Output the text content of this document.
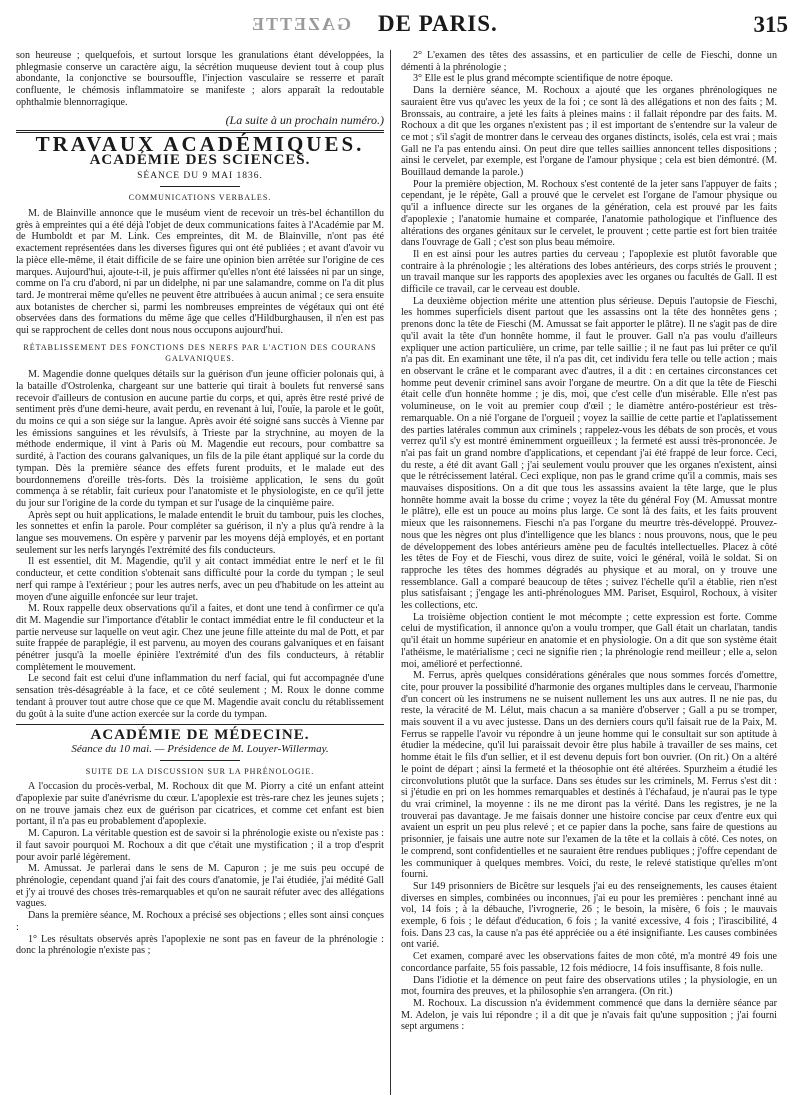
GAZETTE DE PARIS.	315

son heureuse ; quelquefois, et surtout lorsque les granulations étant développées, la phlegmasie conserve un caractère aigu, la sécrétion muqueuse devient tout à coup plus abondante, la conjonctive se boursouffle, l'injection vasculaire se resserre et paraît confluente, le chémosis inflammatoire se manifeste ; alors apparaît la redoutable ophthalmie blennorragique.

(La suite à un prochain numéro.)
TRAVAUX ACADÉMIQUES.
ACADÉMIE DES SCIENCES.
SÉANCE DU 9 MAI 1836.
COMMUNICATIONS VERBALES.

M. de Blainville annonce que le muséum vient de recevoir un très-bel échantillon du grès à empreintes qui a été déjà l'objet de deux communications faites à l'Académie par M. de Humboldt et par M. Link. Ces empreintes, dit M. de Blainville, n'ont pas été exactement représentées dans les diverses figures qui ont été publiées ; et avant d'avoir vu la pièce elle-même, il était difficile de se faire une opinion bien arrêtée sur l'origine de ces marques. Aujourd'hui, ajoute-t-il, je puis affirmer qu'elles n'ont été laissées ni par un singe, comme on l'a cru d'abord, ni par un didelphe, ni par une salamandre, comme on l'a dit plus tard. Je montrerai même qu'elles ne peuvent être attribuées à aucun animal ; ce sera ensuite aux botanistes de chercher si, parmi les nombreuses empreintes de végétaux qui ont été observées dans des formations du même âge que celles d'Hildburghausen, il n'en est pas qui se rapprochent de celles dont nous nous occupons aujourd'hui.

RÉTABLISSEMENT DES FONCTIONS DES NERFS PAR L'ACTION DES COURANS GALVANIQUES.

M. Magendie donne quelques détails sur la guérison d'un jeune officier polonais qui, à la bataille d'Ostrolenka, chargeant sur une batterie qui tirait à boulets fut renversé sans recevoir d'ailleurs de contusion en aucune partie du corps, et qui, après être resté privé de sentiment près d'une demi-heure, avait perdu, en revenant à lui, l'ouïe, la parole et le goût, du moins ce qui a son siége sur la langue. Après avoir été soigné sans succès à Vienne par les émissions sanguines et les révulsifs, à Trieste par la strychnine, au moyen de la méthode endermique, il vint à Paris où M. Magendie eut recours, pour combattre sa surdité, à l'action des courans galvaniques, un fils de la pile étant appliqué sur la corde du tympan. Dès la première séance des effets furent produits, et le malade eut des bourdonnemens d'oreille très-forts. Dès la troisième application, le sens du goût commença à se rétablir, fait curieux pour l'anatomiste et le physiologiste, en ce qu'il jette du jour sur l'origine de la corde du tympan et sur l'usage de la cinquième paire.

Après sept ou huit applications, le malade entendit le bruit du tambour, puis les cloches, les sonnettes et enfin la parole. Pour compléter sa guérison, il n'y a plus qu'à rendre à la langue ses mouvemens. On espère y parvenir par les moyens déjà employés, et en portant seulement sur les nerfs laryngés l'extrémité des fils conducteurs.

Il est essentiel, dit M. Magendie, qu'il y ait contact immédiat entre le nerf et le fil conducteur, et cette condition s'obtenait sans difficulté pour la corde du tympan ; le seul nerf qui rampe à l'extérieur ; pour les autres nerfs, avec un peu d'habitude on les atteint au moyen d'une aiguille enfoncée sur leur trajet.

M. Roux rappelle deux observations qu'il a faites, et dont une tend à confirmer ce qu'a dit M. Magendie sur l'importance d'établir le contact immédiat entre le fil conducteur et la partie nerveuse sur laquelle on veut agir. Chez une jeune fille atteinte du mal de Pott, et par suite frappée de paraplégie, il est parvenu, au moyen des courans galvaniques et en faisant pénétrer jusqu'à la moelle épinière l'extrémité d'un des fils conducteurs, à rétablir complètement le mouvement.

Le second fait est celui d'une inflammation du nerf facial, qui fut accompagnée d'une sensation très-désagréable à la face, et ce côté seulement ; M. Roux le donne comme tendant à prouver tout autre chose que ce que M. Magendie avait conclu du rétablissement du goût à la suite d'une action exercée sur la corde du tympan.

ACADÉMIE DE MÉDECINE.
Séance du 10 mai. — Présidence de M. Louyer-Willermay.
SUITE DE LA DISCUSSION SUR LA PHRÉNOLOGIE.

A l'occasion du procès-verbal, M. Rochoux dit que M. Piorry a cité un enfant atteint d'apoplexie par suite d'anévrisme du cœur. L'apoplexie est très-rare chez les jeunes sujets ; on ne trouve jamais chez eux de guérison par cicatrices, et comme cet enfant est bien portant, il n'a pas eu probablement d'apoplexie.

M. Capuron. La véritable question est de savoir si la phrénologie existe ou n'existe pas : il faut savoir pourquoi M. Rochoux a dit que c'était une mystification ; il a trop d'esprit pour avoir parlé légèrement.

M. Amussat. Je parlerai dans le sens de M. Capuron ; je me suis peu occupé de phrénologie, cependant quand j'ai fait des cours d'anatomie, je l'ai étudiée, j'ai médité Gall et j'y ai trouvé des choses très-remarquables et qu'on ne saurait réfuter avec des allégations vagues.

Dans la première séance, M. Rochoux a précisé ses objections ; elles sont ainsi conçues :

1° Les résultats observés après l'apoplexie ne sont pas en faveur de la phrénologie : donc la phrénologie n'existe pas ;

2° L'examen des têtes des assassins, et en particulier de celle de Fieschi, donne un démenti à la phrénologie ;

3° Elle est le plus grand mécompte scientifique de notre époque.

Dans la dernière séance, M. Rochoux a ajouté que les organes phrénologiques ne sauraient être vus qu'avec les yeux de la foi ; ce sont là des allégations et non des faits ; M. Bronssais, au contraire, a jeté les faits à pleines mains : il fallait répondre par des faits. M. Rochoux a dit que les organes n'existent pas ; il est important de s'entendre sur la valeur de ce mot ; s'il s'agit de montrer dans le cerveau des organes distincts, isolés, cela est vrai ; mais Gall ne l'a pas entendu ainsi. On peut dire que telles saillies annoncent telles dispositions ; ainsi le cervelet, par exemple, est l'organe de l'amour physique ; cela est bien démontré. (M. Bouillaud demande la parole.)

Pour la première objection, M. Rochoux s'est contenté de la jeter sans l'appuyer de faits ; cependant, je le répète, Gall a prouvé que le cervelet est l'organe de l'amour physique ou qu'il a influence directe sur les organes de la génération, cela est prouvé par les faits d'apoplexie ; l'anatomie humaine et comparée, l'anatomie pathologique et l'influence des altérations des organes génitaux sur le cervelet, le prouvent ; cette partie est fort bien traitée dans l'ouvrage de Gall ; c'est son plus beau mémoire.

Il en est ainsi pour les autres parties du cerveau ; l'apoplexie est plutôt favorable que contraire à la phrénologie ; les altérations des lobes antérieurs, des corps striés le prouvent ; un travail manque sur les rapports des apoplexies avec les organes ou facultés de Gall. Il est difficile ce travail, car le cerveau est double.

La deuxième objection mérite une attention plus sérieuse. Depuis l'autopsie de Fieschi, les hommes superficiels disent partout que les assassins ont la tête des honnêtes gens ; prenons donc la tête de Fieschi (M. Amussat se fait apporter le plâtre). Il ne s'agit pas de dire qu'il avait la tête d'un honnête homme, il faut le prouver. Gall n'a pas voulu d'ailleurs expliquer une action particulière, un crime, par telle saillie ; il ne faut pas lui prêter ce qu'il n'a pas dit. En examinant une tête, il n'a pas dit, cet individu fera telle ou telle action ; mais en observant le crâne et le comparant avec d'autres, il a dit : en certaines circonstances cet homme peut devenir criminel sans avoir l'organe de meurtre. On a dit que la tête de Fieschi était celle d'un honnête homme ; je dis, moi, que c'est celle d'un misérable. Elle n'est pas volumineuse, on le voit au premier coup d'œil ; le diamètre antéro-postérieur est très-remarquable. On a nié l'organe de l'orgueil ; voyez la saillie de cette partie et l'aplatissement des parties latérales commun aux criminels ; rappelez-vous les débats de son procès, et vous verrez qu'il s'y est montré éminemment orgueilleux ; la fermeté est aussi très-prononcée. Je n'ai pas fait un grand nombre d'applications, et cependant j'ai été frappé de leur force. Ceci, du reste, a été dit avant Gall ; j'ai seulement voulu prouver que les organes n'existent, ainsi que le rétrécissement latéral. Ceci explique, non pas le grand crime qu'il a commis, mais ses mauvaises dispositions. On a dit que tous les assassins avaient la tête large, que le plus honnête homme avait la bosse du crime ; voyez la tête du général Foy (M. Amussat montre le plâtre), elle est un pouce au moins plus large. Ce sont là des faits, et les faits prouvent mieux que les raisonnemens. Fieschi n'a pas l'organe du meurtre très-développé. Prouvez-nous que les nègres ont plus d'intelligence que les blancs : nous prouvons, nous, que le peu de développement des lobes antérieurs amène peu de facultés intellectuelles. Placez à côté les têtes de Foy et de Fieschi, vous direz de suite, voici le général, voilà le soldat. Si on rapproche les têtes des hommes dégradés au physique et au moral, on y trouve une ressemblance. Gall a comparé beaucoup de têtes ; suivez l'échelle qu'il a établie, rien n'est plus satisfaisant ; j'engage les anti-phrénologues MM. Pariset, Esquirol, Rochoux, à visiter les collections, etc.

La troisième objection contient le mot mécompte ; cette expression est forte. Comme celui de mystification, il annonce qu'on a voulu tromper, que Gall était un charlatan, tandis qu'il était un homme supérieur en anatomie et en physiologie. On a dit que son système était l'athéisme, le matérialisme ; ceci ne signifie rien ; la phrénologie rend meilleur ; elle a, selon moi, amélioré et perfectionné.

M. Ferrus, après quelques considérations générales que nous sommes forcés d'omettre, cite, pour prouver la possibilité d'harmonie des organes multiples dans le cerveau, l'harmonie d'un concert où les instrumens ne se nuisent nullement les uns aux autres. Il ne nie pas, du reste, la véracité de M. Lélut, mais chacun a sa manière d'observer ; Gall a pu se tromper, mais souvent il a vu avec justesse. Dans un des derniers cours qu'il faisait rue de la Paix, M. Ferrus se rappelle l'avoir vu répondre à un jeune homme qui le consultait sur son aptitude à étudier la médecine, qu'il lui paraissait devoir être plus habile à travailler de ses mains, cet homme était le fils d'un sellier, et il est devenu depuis fort bon ouvrier. (On rit.) On a altéré le point de départ ; ainsi la fermeté et la théosophie ont été altérées. Spurzheim a étudié les circonvolutions plutôt que la surface. Dans ses études sur les criminels, M. Ferrus s'est dit : si j'étudie en pri on les hommes remarquables et destinés à l'échafaud, je n'aurai pas le type du vrai criminel, la moyenne : ils ne me diront pas la vérité. Dans les registres, je ne la trouverai pas davantage. Je me faisais donner une histoire concise par ceux d'entre eux qui avaient un esprit un peu plus relevé ; et ce papier dans la poche, sans faire de questions au prisonnier, je faisais une autre note sur l'examen de la tête et la collais à côté. Ces notes, on le comprend, sont confidentielles et ne sauraient être rendues publiques ; j'offre cependant de les communiquer à quelques membres. Voici, du reste, le relevé statistique qu'elles m'ont fourni.

Sur 149 prisonniers de Bicêtre sur lesquels j'ai eu des renseignements, les causes étaient diverses en simples, combinées ou inconnues, j'ai eu pour les premières : penchant inné au vol, 14 fois ; à la débauche, l'ivrognerie, 26 ; le besoin, la misère, 6 fois ; le mauvais exemple, 6 fois ; le défaut d'éducation, 6 fois ; la vanité excessive, 4 fois ; l'irascibilité, 4 fois. Dans 23 cas, la cause n'a pas été appréciée ou a été insignifiante. Les causes combinées ont varié.

Cet examen, comparé avec les observations faites de mon côté, m'a montré 49 fois une concordance parfaite, 55 fois passable, 12 fois médiocre, 14 fois insuffisante, 8 fois nulle.

Dans l'idiotie et la démence on peut faire des observations utiles ; la physiologie, en un mot, fournira des preuves, et la philosophie s'en arrangera. (On rit.)

M. Rochoux. La discussion n'a évidemment commencé que dans la dernière séance par M. Adelon, je vais lui répondre ; il a dit que je n'avais fait qu'une supposition ; j'ai fourni sept argumens :
